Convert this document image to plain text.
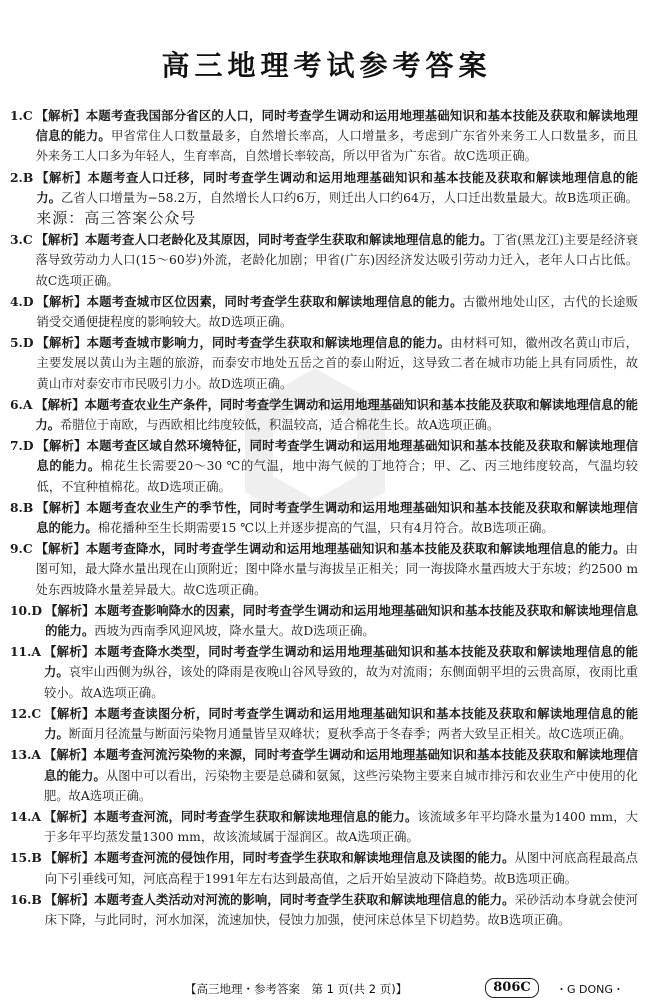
高三地理考试参考答案
1.C 【解析】本题考查我国部分省区的人口，同时考查学生调动和运用地理基础知识和基本技能及获取和解读地理信息的能力。甲省常住人口数量最多，自然增长率高，人口增量多，考虑到广东省外来务工人口数量多，而且外来务工人口多为年轻人，生育率高，自然增长率较高，所以甲省为广东省。故C选项正确。
2.B 【解析】本题考查人口迁移，同时考查学生调动和运用地理基础知识和基本技能及获取和解读地理信息的能力。乙省人口增量为−58.2万，自然增长人口约6万，则迁出人口约64万，人口迁出数量最大。故B选项正确。 来源：高三答案公众号
3.C 【解析】本题考查人口老龄化及其原因，同时考查学生获取和解读地理信息的能力。丁省(黑龙江)主要是经济衰落导致劳动力人口(15～60岁)外流，老龄化加剧；甲省(广东)因经济发达吸引劳动力迁入，老年人口占比低。故C选项正确。
4.D 【解析】本题考查城市区位因素，同时考查学生获取和解读地理信息的能力。古徽州地处山区，古代的长途贩销受交通便捷程度的影响较大。故D选项正确。
5.D 【解析】本题考查城市影响力，同时考查学生获取和解读地理信息的能力。由材料可知，徽州改名黄山市后，主要发展以黄山为主题的旅游，而泰安市地处五岳之首的泰山附近，这导致二者在城市功能上具有同质性，故黄山市对泰安市市民吸引力小。故D选项正确。
6.A 【解析】本题考查农业生产条件，同时考查学生调动和运用地理基础知识和基本技能及获取和解读地理信息的能力。希腊位于南欧，与西欧相比纬度较低，积温较高，适合棉花生长。故A选项正确。
7.D 【解析】本题考查区域自然环境特征，同时考查学生调动和运用地理基础知识和基本技能及获取和解读地理信息的能力。棉花生长需要20～30 ℃的气温，地中海气候的丁地符合；甲、乙、丙三地纬度较高，气温均较低，不宜种植棉花。故D选项正确。
8.B 【解析】本题考查农业生产的季节性，同时考查学生调动和运用地理基础知识和基本技能及获取和解读地理信息的能力。棉花播种至生长期需要15 ℃以上并逐步提高的气温，只有4月符合。故B选项正确。
9.C 【解析】本题考查降水，同时考查学生调动和运用地理基础知识和基本技能及获取和解读地理信息的能力。由图可知，最大降水量出现在山顶附近；图中降水量与海拔呈正相关；同一海拔降水量西坡大于东坡；约2500 m处东西坡降水量差异最大。故C选项正确。
10.D 【解析】本题考查影响降水的因素，同时考查学生调动和运用地理基础知识和基本技能及获取和解读地理信息的能力。西坡为西南季风迎风坡，降水量大。故D选项正确。
11.A 【解析】本题考查降水类型，同时考查学生调动和运用地理基础知识和基本技能及获取和解读地理信息的能力。哀牢山西侧为纵谷，该处的降雨是夜晚山谷风导致的，故为对流雨；东侧面朝平坦的云贵高原，夜雨比重较小。故A选项正确。
12.C 【解析】本题考查读图分析，同时考查学生调动和运用地理基础知识和基本技能及获取和解读地理信息的能力。断面月径流量与断面污染物月通量皆呈双峰状；夏秋季高于冬春季；两者大致呈正相关。故C选项正确。
13.A 【解析】本题考查河流污染物的来源，同时考查学生调动和运用地理基础知识和基本技能及获取和解读地理信息的能力。从图中可以看出，污染物主要是总磷和氨氮，这些污染物主要来自城市排污和农业生产中使用的化肥。故A选项正确。
14.A 【解析】本题考查河流，同时考查学生获取和解读地理信息的能力。该流域多年平均降水量为1400 mm，大于多年平均蒸发量1300 mm，故该流域属于湿润区。故A选项正确。
15.B 【解析】本题考查河流的侵蚀作用，同时考查学生获取和解读地理信息及读图的能力。从图中河底高程最高点向下引垂线可知，河底高程于1991年左右达到最高值，之后开始呈波动下降趋势。故B选项正确。
16.B 【解析】本题考查人类活动对河流的影响，同时考查学生获取和解读地理信息的能力。采砂活动本身就会使河床下降，与此同时，河水加深，流速加快，侵蚀力加强，使河床总体呈下切趋势。故B选项正确。
【高三地理・参考答案　第 1 页(共 2 页)】	806C	・G DONG・
